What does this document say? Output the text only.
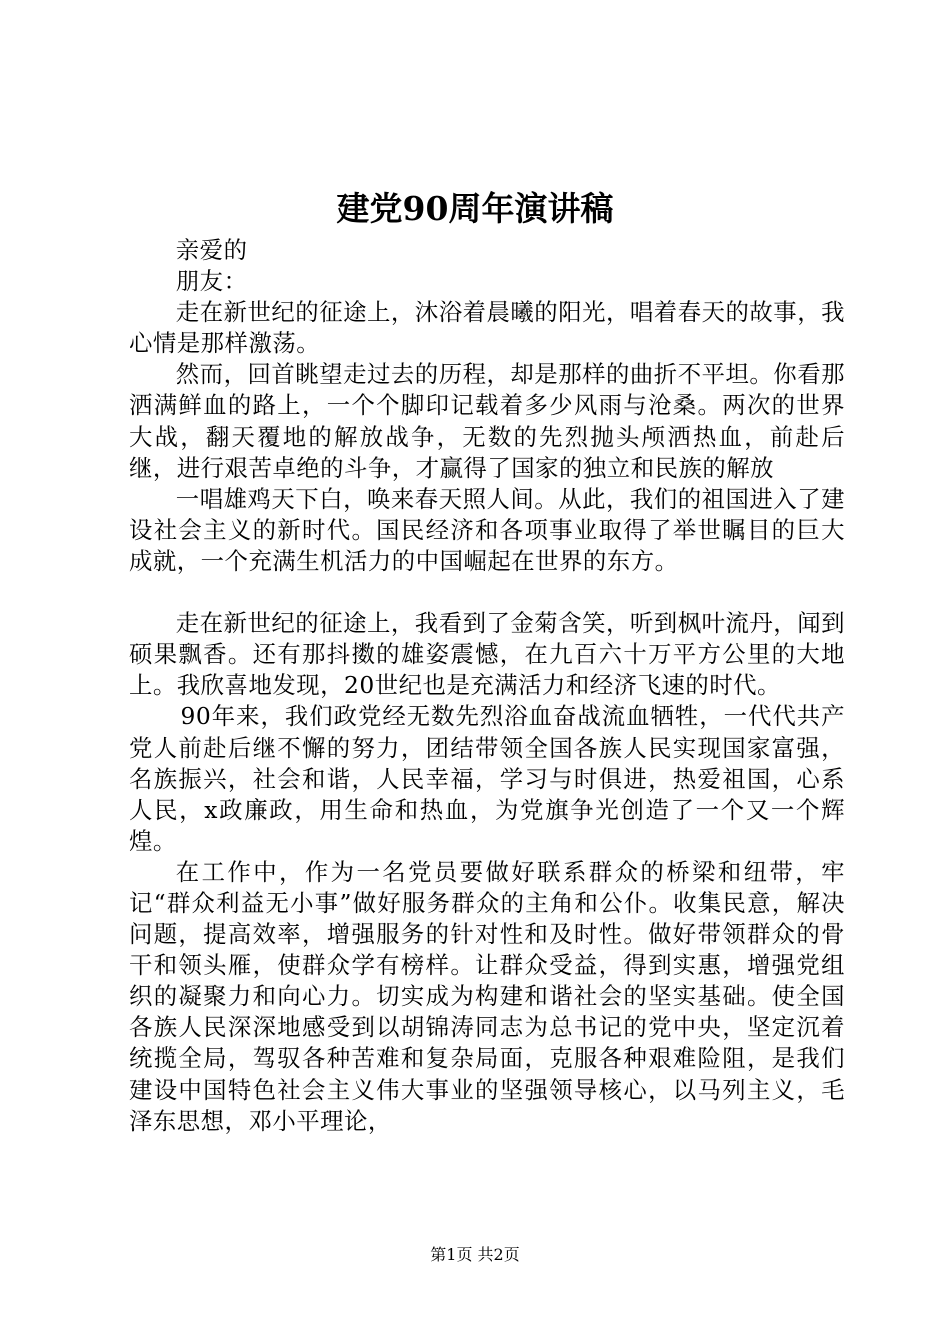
建党90周年演讲稿

亲爱的

朋友：

走在新世纪的征途上，沐浴着晨曦的阳光，唱着春天的故事，我心情是那样激荡。

然而，回首眺望走过去的历程，却是那样的曲折不平坦。你看那洒满鲜血的路上，一个个脚印记载着多少风雨与沧桑。两次的世界大战，翻天覆地的解放战争，无数的先烈抛头颅洒热血，前赴后继，进行艰苦卓绝的斗争，才赢得了国家的独立和民族的解放

一唱雄鸡天下白，唤来春天照人间。从此，我们的祖国进入了建设社会主义的新时代。国民经济和各项事业取得了举世瞩目的巨大成就，一个充满生机活力的中国崛起在世界的东方。

走在新世纪的征途上，我看到了金菊含笑，听到枫叶流丹，闻到硕果飘香。还有那抖擞的雄姿震憾，在九百六十万平方公里的大地上。我欣喜地发现，20世纪也是充满活力和经济飞速的时代。

90年来，我们政党经无数先烈浴血奋战流血牺牲，一代代共产党人前赴后继不懈的努力，团结带领全国各族人民实现国家富强，名族振兴，社会和谐，人民幸福，学习与时俱进，热爱祖国，心系人民，x政廉政，用生命和热血，为党旗争光创造了一个又一个辉煌。

在工作中，作为一名党员要做好联系群众的桥梁和纽带，牢记“群众利益无小事”做好服务群众的主角和公仆。收集民意，解决问题，提高效率，增强服务的针对性和及时性。做好带领群众的骨干和领头雁，使群众学有榜样。让群众受益，得到实惠，增强党组织的凝聚力和向心力。切实成为构建和谐社会的坚实基础。使全国各族人民深深地感受到以胡锦涛同志为总书记的党中央，坚定沉着统揽全局，驾驭各种苦难和复杂局面，克服各种艰难险阻，是我们建设中国特色社会主义伟大事业的坚强领导核心，以马列主义，毛泽东思想，邓小平理论，

第1页 共2页
